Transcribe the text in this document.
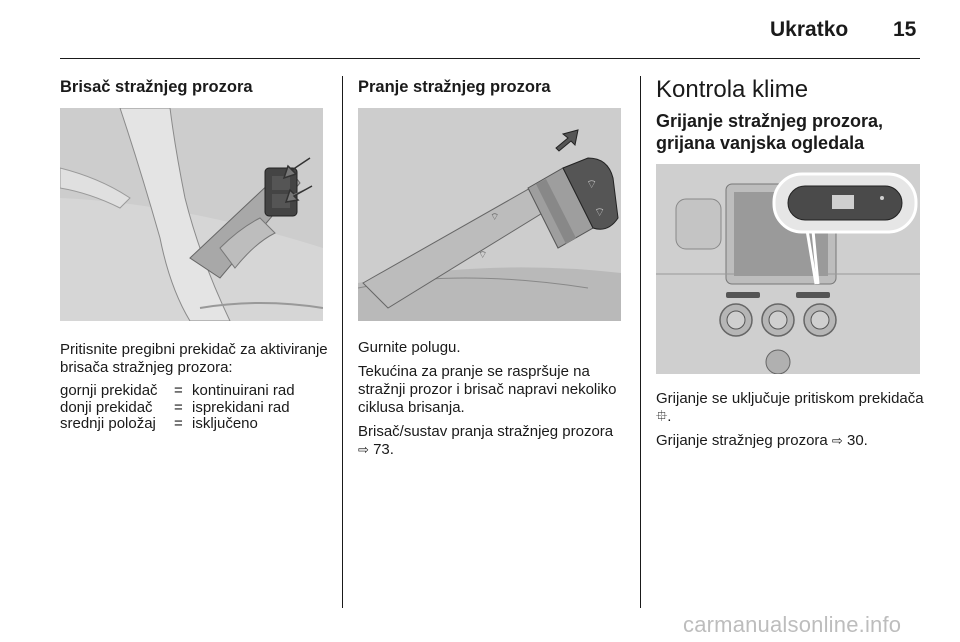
Ukratko 15
Brisač stražnjeg prozora

Pritisnite pregibni prekidač za aktiviranje brisača stražnjeg prozora:

gornji prekidač	= kontinuirani rad
donji prekidač	= isprekidani rad
srednji položaj	= isključeno
Pranje stražnjeg prozora
⌔
⌔
⌔
⌔

Gurnite polugu.

Tekućina za pranje se raspršuje na stražnji prozor i brisač napravi nekoliko ciklusa brisanja.

Brisač/sustav pranja stražnjeg prozora ⇨ 73.

Kontrola klime
Grijanje stražnjeg prozora, grijana vanjska ogledala

Grijanje se uključuje pritiskom prekidača ⯐.

Grijanje stražnjeg prozora ⇨ 30.

carmanualsonline.info
